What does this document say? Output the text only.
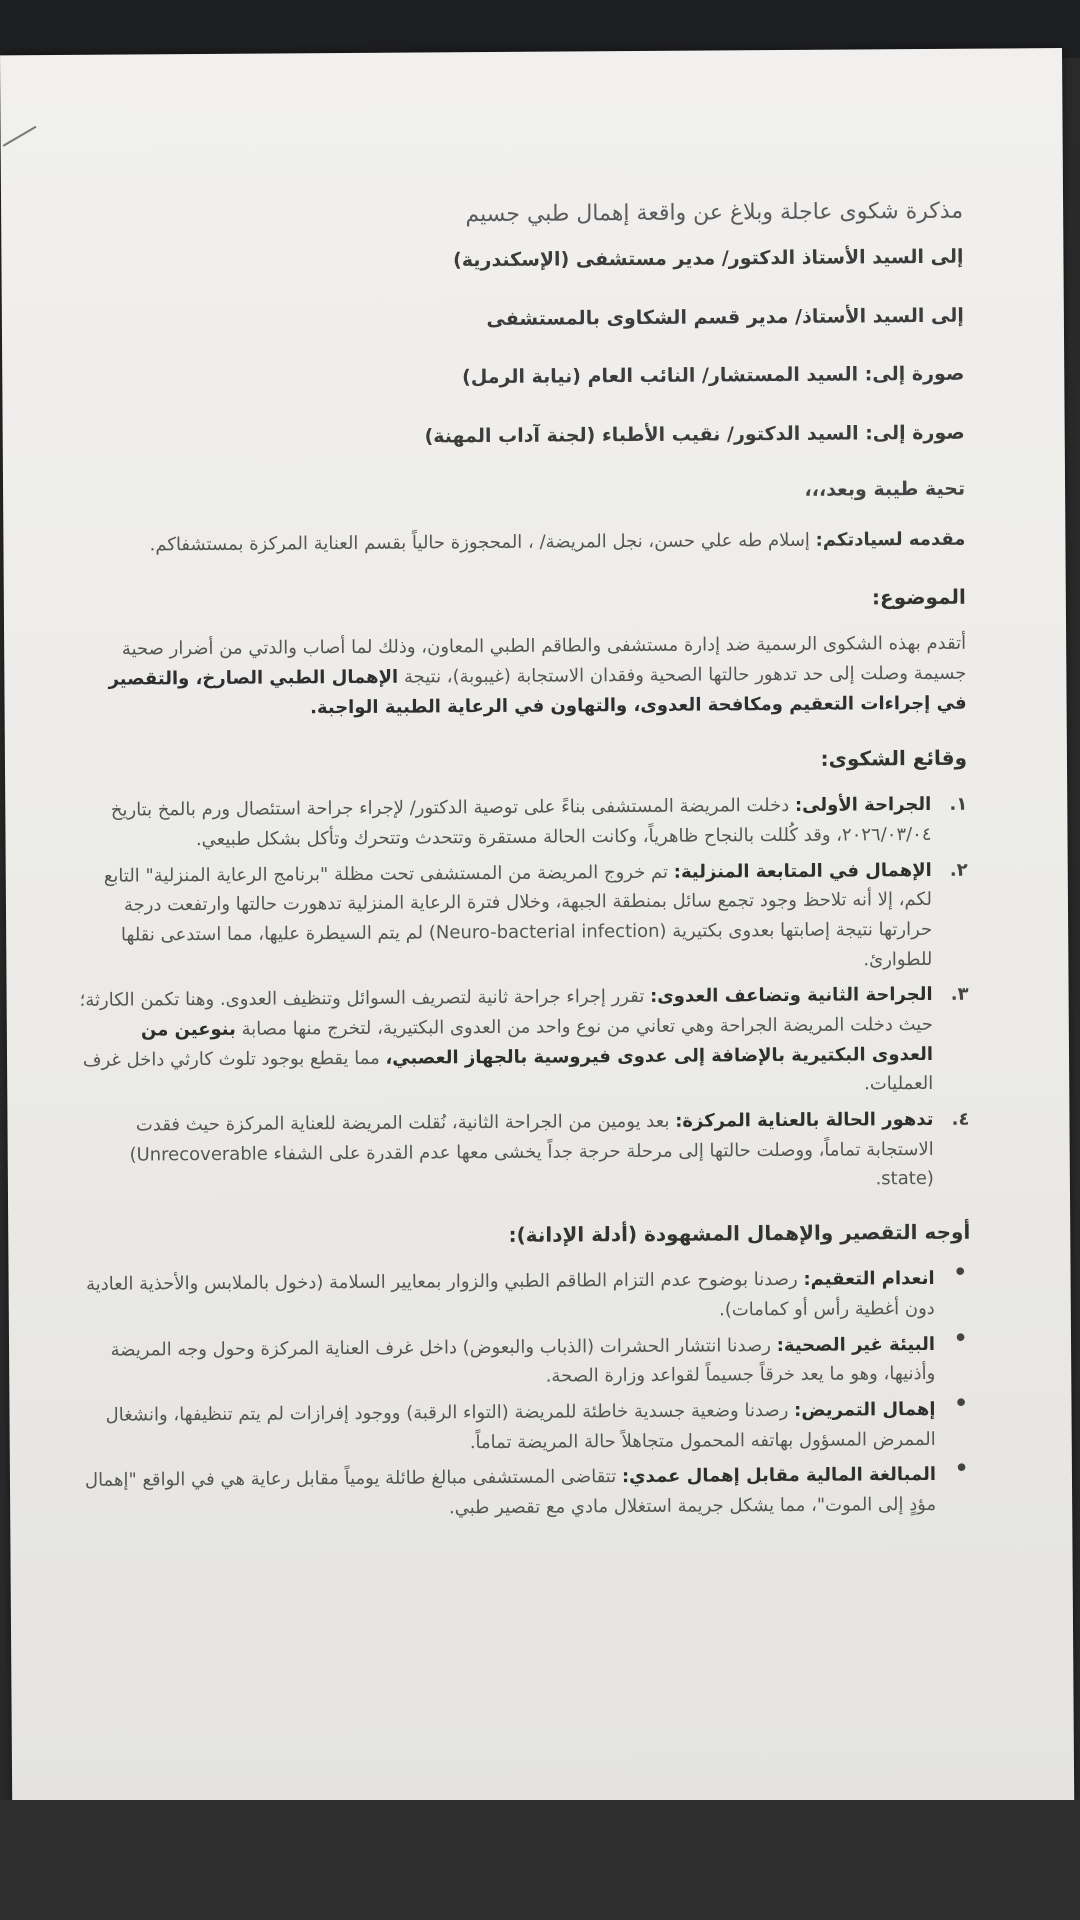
مذكرة شكوى عاجلة وبلاغ عن واقعة إهمال طبي جسيم

إلى السيد الأستاذ الدكتور/ مدير مستشفى (الإسكندرية)

إلى السيد الأستاذ/ مدير قسم الشكاوى بالمستشفى

صورة إلى: السيد المستشار/ النائب العام (نيابة الرمل)

صورة إلى: السيد الدكتور/ نقيب الأطباء (لجنة آداب المهنة)

تحية طيبة وبعد،،،

مقدمه لسيادتكم: إسلام طه علي حسن، نجل المريضة/ ، المحجوزة حالياً بقسم العناية المركزة بمستشفاكم.

الموضوع:

أتقدم بهذه الشكوى الرسمية ضد إدارة مستشفى والطاقم الطبي المعاون، وذلك لما أصاب والدتي من أضرار صحية جسيمة وصلت إلى حد تدهور حالتها الصحية وفقدان الاستجابة (غيبوبة)، نتيجة الإهمال الطبي الصارخ، والتقصير في إجراءات التعقيم ومكافحة العدوى، والتهاون في الرعاية الطبية الواجبة.

وقائع الشكوى:

١.
الجراحة الأولى: دخلت المريضة المستشفى بناءً على توصية الدكتور/ لإجراء جراحة استئصال ورم بالمخ بتاريخ ٢٠٢٦/٠٣/٠٤، وقد كُللت بالنجاح ظاهرياً، وكانت الحالة مستقرة وتتحدث وتتحرك وتأكل بشكل طبيعي.
٢.
الإهمال في المتابعة المنزلية: تم خروج المريضة من المستشفى تحت مظلة "برنامج الرعاية المنزلية" التابع لكم، إلا أنه تلاحظ وجود تجمع سائل بمنطقة الجبهة، وخلال فترة الرعاية المنزلية تدهورت حالتها وارتفعت درجة حرارتها نتيجة إصابتها بعدوى بكتيرية (Neuro-bacterial infection) لم يتم السيطرة عليها، مما استدعى نقلها للطوارئ.
٣.
الجراحة الثانية وتضاعف العدوى: تقرر إجراء جراحة ثانية لتصريف السوائل وتنظيف العدوى. وهنا تكمن الكارثة؛ حيث دخلت المريضة الجراحة وهي تعاني من نوع واحد من العدوى البكتيرية، لتخرج منها مصابة بنوعين من العدوى البكتيرية بالإضافة إلى عدوى فيروسية بالجهاز العصبي، مما يقطع بوجود تلوث كارثي داخل غرف العمليات.
٤.
تدهور الحالة بالعناية المركزة: بعد يومين من الجراحة الثانية، نُقلت المريضة للعناية المركزة حيث فقدت الاستجابة تماماً، ووصلت حالتها إلى مرحلة حرجة جداً يخشى معها عدم القدرة على الشفاء (Unrecoverable state).

أوجه التقصير والإهمال المشهودة (أدلة الإدانة):

● انعدام التعقيم: رصدنا بوضوح عدم التزام الطاقم الطبي والزوار بمعايير السلامة (دخول بالملابس والأحذية العادية دون أغطية رأس أو كمامات).
● البيئة غير الصحية: رصدنا انتشار الحشرات (الذباب والبعوض) داخل غرف العناية المركزة وحول وجه المريضة وأذنيها، وهو ما يعد خرقاً جسيماً لقواعد وزارة الصحة.
● إهمال التمريض: رصدنا وضعية جسدية خاطئة للمريضة (التواء الرقبة) ووجود إفرازات لم يتم تنظيفها، وانشغال الممرض المسؤول بهاتفه المحمول متجاهلاً حالة المريضة تماماً.
● المبالغة المالية مقابل إهمال عمدي: تتقاضى المستشفى مبالغ طائلة يومياً مقابل رعاية هي في الواقع "إهمال مؤدٍ إلى الموت"، مما يشكل جريمة استغلال مادي مع تقصير طبي.
